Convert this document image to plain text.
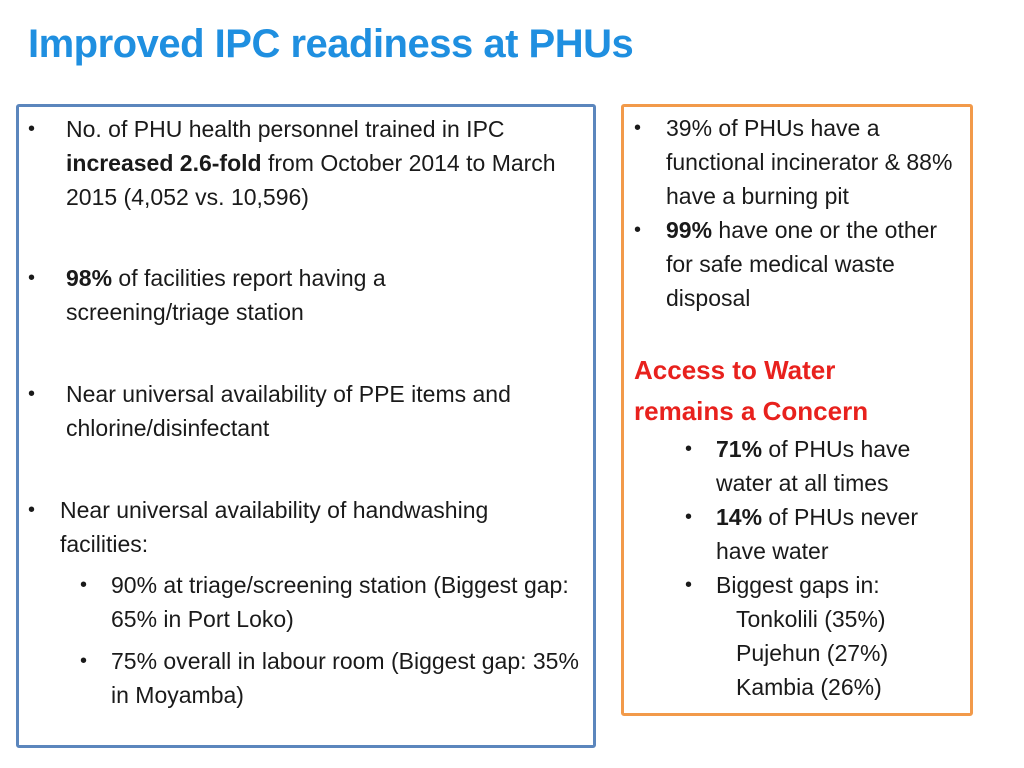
Improved IPC readiness at PHUs
• No. of PHU health personnel trained in IPC increased 2.6-fold from October 2014 to March 2015 (4,052 vs. 10,596)
• 98% of facilities report having a screening/triage station
• Near universal availability of PPE items and chlorine/disinfectant
• Near universal availability of handwashing facilities:
• 90% at triage/screening station (Biggest gap: 65% in Port Loko)
• 75% overall in labour room (Biggest gap: 35% in Moyamba)
• 39% of PHUs have a functional incinerator & 88% have a burning pit
• 99% have one or the other for safe medical waste disposal
Access to Water
remains a Concern
• 71% of PHUs have water at all times
• 14% of PHUs never have water
• Biggest gaps in:
Tonkolili (35%)
Pujehun (27%)
Kambia (26%)
